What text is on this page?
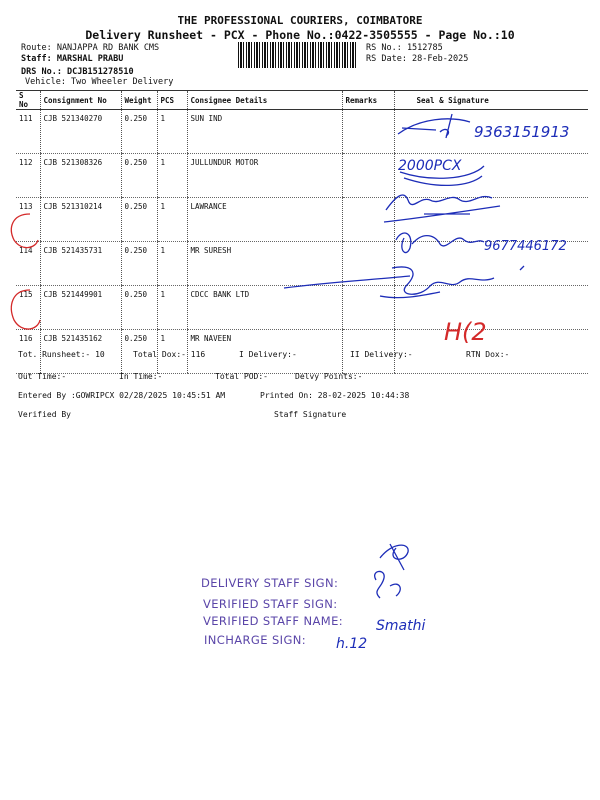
THE PROFESSIONAL COURIERS, COIMBATORE
Delivery Runsheet - PCX - Phone No.:0422-3505555 - Page No.:10
Route: NANJAPPA RD BANK CMS
Staff: MARSHAL PRABU
DRS No.: DCJB151278510
Vehicle: Two Wheeler Delivery
RS No.: 1512785
RS Date: 28-Feb-2025
S No	Consignment No	Weight	PCS	Consignee Details	Remarks	Seal & Signature
111	CJB 521340270	0.250	1	SUN IND		
112	CJB 521308326	0.250	1	JULLUNDUR MOTOR		
113	CJB 521310214	0.250	1	LAWRANCE		
114	CJB 521435731	0.250	1	MR SURESH		
115	CJB 521449901	0.250	1	CDCC BANK LTD		
116	CJB 521435162	0.250	1	MR NAVEEN		
9363151913
2000PCX
9677446172
H(2
Tot. Runsheet:- 10	Total Dox:- 116	I Delivery:-	II Delivery:-	RTN Dox:-
Out Time:-	In Time:-	Total POD:-	Delvy Points:-
Entered By :GOWRIPCX 02/28/2025 10:45:51 AM	Printed On: 28-02-2025 10:44:38
Verified By	Staff Signature
DELIVERY STAFF SIGN:
VERIFIED STAFF SIGN:
VERIFIED STAFF NAME:
INCHARGE SIGN:
Smathi
h.12
